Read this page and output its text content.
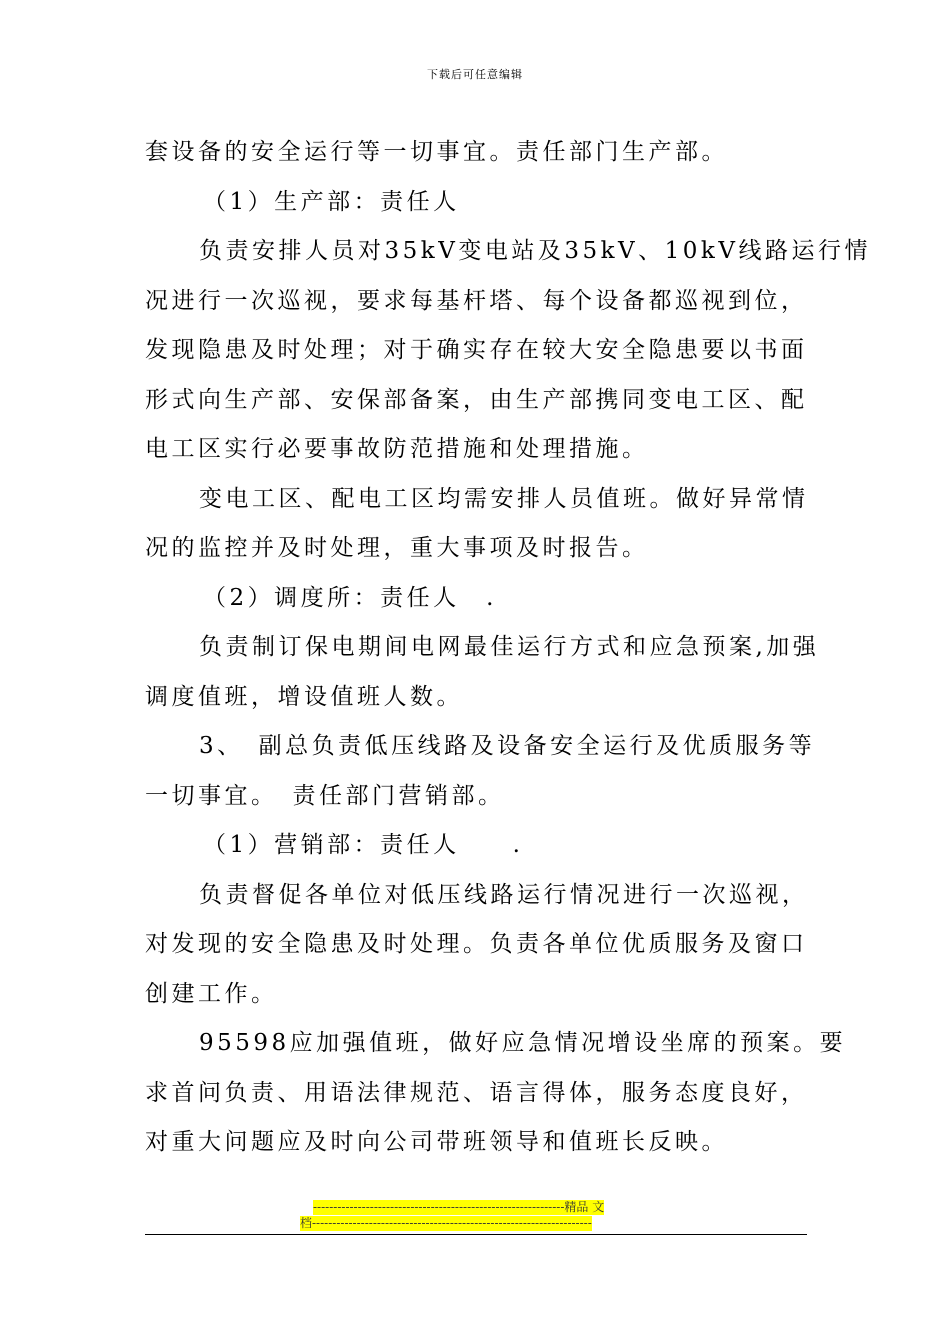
下载后可任意编辑
套设备的安全运行等一切事宜。责任部门生产部。
（1）生产部：责任人
负责安排人员对35kV变电站及35kV、10kV线路运行情
况进行一次巡视，要求每基杆塔、每个设备都巡视到位，
发现隐患及时处理；对于确实存在较大安全隐患要以书面
形式向生产部、安保部备案，由生产部携同变电工区、配
电工区实行必要事故防范措施和处理措施。
变电工区、配电工区均需安排人员值班。做好异常情
况的监控并及时处理，重大事项及时报告。
（2）调度所：责任人　.
负责制订保电期间电网最佳运行方式和应急预案,加强
调度值班，增设值班人数。
3、　副总负责低压线路及设备安全运行及优质服务等
一切事宜。　责任部门营销部。
（1）营销部：责任人　　.
负责督促各单位对低压线路运行情况进行一次巡视，
对发现的安全隐患及时处理。负责各单位优质服务及窗口
创建工作。
95598应加强值班，做好应急情况增设坐席的预案。要
求首问负责、用语法律规范、语言得体，服务态度良好，
对重大问题应及时向公司带班领导和值班长反映。
--------------------------------------------------------------精品 文
档---------------------------------------------------------------------
